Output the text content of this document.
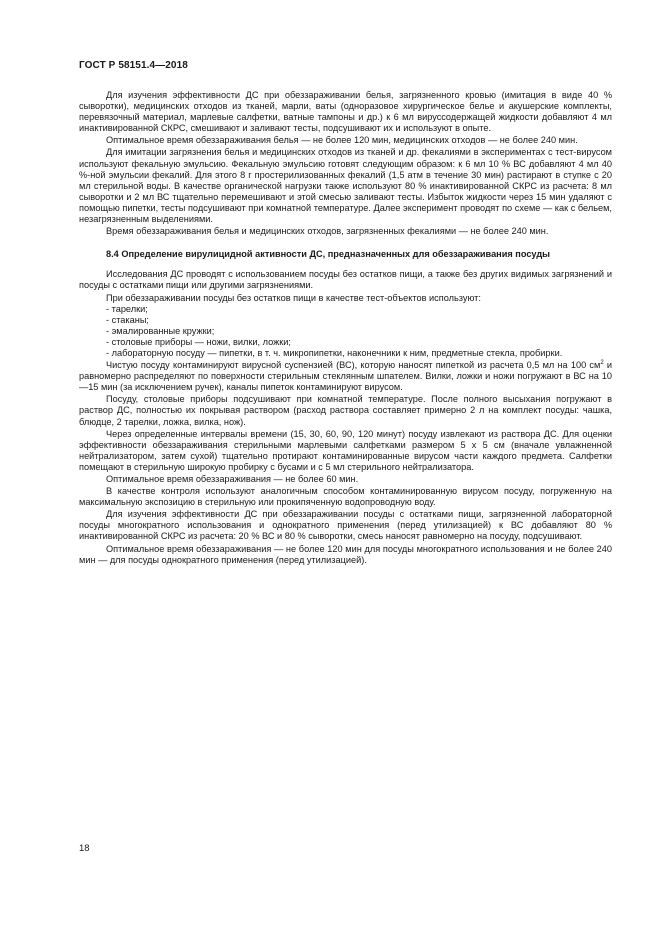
ГОСТ Р 58151.4—2018

Для изучения эффективности ДС при обеззараживании белья, загрязненного кровью (имитация в виде 40 % сыворотки), медицинских отходов из тканей, марли, ваты (одноразовое хирургическое белье и акушерские комплекты, перевязочный материал, марлевые салфетки, ватные тампоны и др.) к 6 мл вирусcодержащей жидкости добавляют 4 мл инактивированной СКРС, смешивают и заливают тесты, подсушивают их и используют в опыте.

Оптимальное время обеззараживания белья — не более 120 мин, медицинских отходов — не более 240 мин.

Для имитации загрязнения белья и медицинских отходов из тканей и др. фекалиями в экспериментах с тест-вирусом используют фекальную эмульсию. Фекальную эмульсию готовят следующим образом: к 6 мл 10 % ВС добавляют 4 мл 40 %-ной эмульсии фекалий. Для этого 8 г простерилизованных фекалий (1,5 атм в течение 30 мин) растирают в ступке с 20 мл стерильной воды. В качестве органической нагрузки также используют 80 % инактивированной СКРС из расчета: 8 мл сыворотки и 2 мл ВС тщательно перемешивают и этой смесью заливают тесты. Избыток жидкости через 15 мин удаляют с помощью пипетки, тесты подсушивают при комнатной температуре. Далее эксперимент проводят по схеме — как с бельем, незагрязненным выделениями.

Время обеззараживания белья и медицинских отходов, загрязненных фекалиями — не более 240 мин.

8.4 Определение вирулицидной активности ДС, предназначенных для обеззараживания посуды

Исследования ДС проводят с использованием посуды без остатков пищи, а также без других видимых загрязнений и посуды с остатками пищи или другими загрязнениями.

При обеззараживании посуды без остатков пищи в качестве тест-объектов используют:

- тарелки;
- стаканы;
- эмалированные кружки;
- столовые приборы — ножи, вилки, ложки;
- лабораторную посуду — пипетки, в т. ч. микропипетки, наконечники к ним, предметные стекла, пробирки.

Чистую посуду контаминируют вирусной суспензией (ВС), которую наносят пипеткой из расчета 0,5 мл на 100 $см^2$ и равномерно распределяют по поверхности стерильным стеклянным шпателем. Вилки, ложки и ножи погружают в ВС на 10—15 мин (за исключением ручек), каналы пипеток контаминируют вирусом.

Посуду, столовые приборы подсушивают при комнатной температуре. После полного высыхания погружают в раствор ДС, полностью их покрывая раствором (расход раствора составляет примерно 2 л на комплект посуды: чашка, блюдце, 2 тарелки, ложка, вилка, нож).

Через определенные интервалы времени (15, 30, 60, 90, 120 минут) посуду извлекают из раствора ДС. Для оценки эффективности обеззараживания стерильными марлевыми салфетками размером 5 х 5 см (вначале увлажненной нейтрализатором, затем сухой) тщательно протирают контаминированные вирусом части каждого предмета. Салфетки помещают в стерильную широкую пробирку с бусами и с 5 мл стерильного нейтрализатора.

Оптимальное время обеззараживания — не более 60 мин.

В качестве контроля используют аналогичным способом контаминированную вирусом посуду, погруженную на максимальную экспозицию в стерильную или прокипяченную водопроводную воду.

Для изучения эффективности ДС при обеззараживании посуды с остатками пищи, загрязненной лабораторной посуды многократного использования и однократного применения (перед утилизацией) к ВС добавляют 80 % инактивированной СКРС из расчета: 20 % ВС и 80 % сыворотки, смесь наносят равномерно на посуду, подсушивают.

Оптимальное время обеззараживания — не более 120 мин для посуды многократного использования и не более 240 мин — для посуды однократного применения (перед утилизацией).

18
